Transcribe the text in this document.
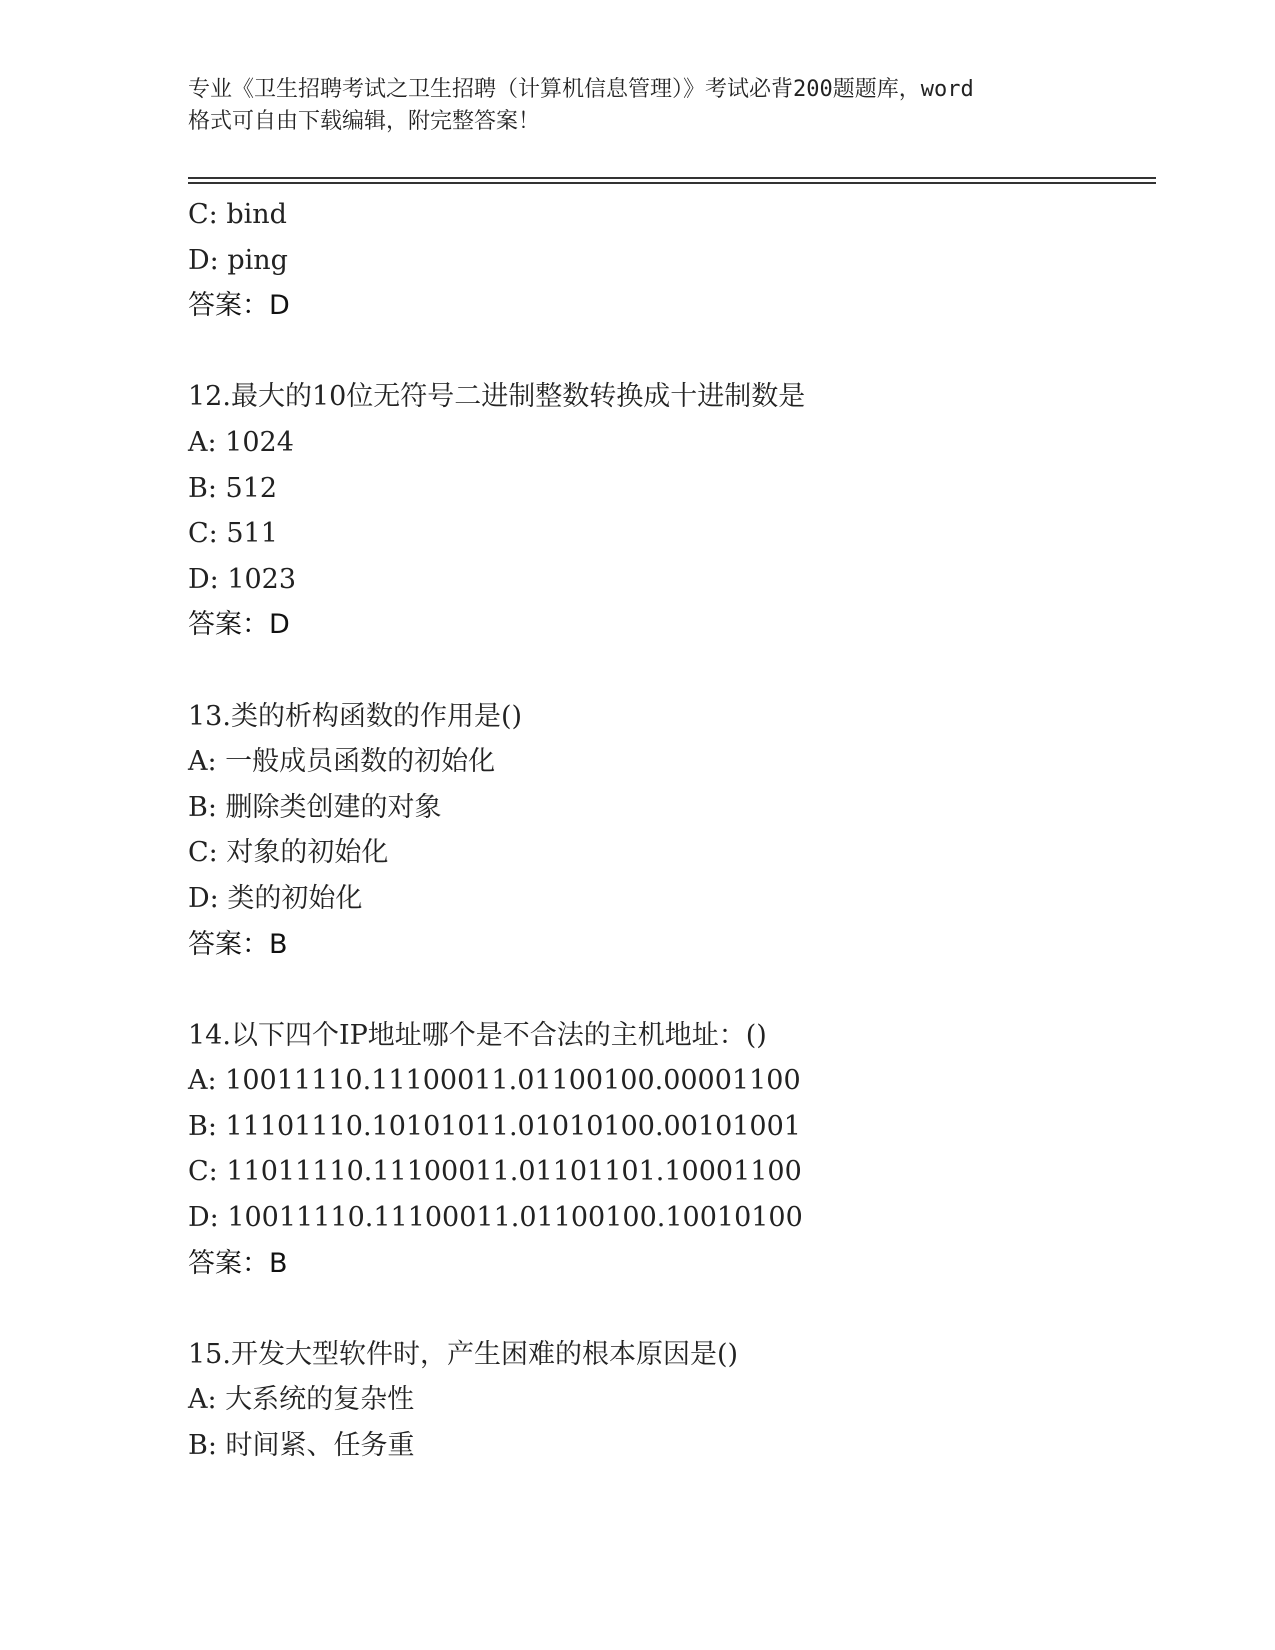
专业《卫生招聘考试之卫生招聘（计算机信息管理）》考试必背200题题库，word
格式可自由下载编辑，附完整答案！
C: bind
D: ping
答案：D
12.最大的10位无符号二进制整数转换成十进制数是
A: 1024
B: 512
C: 511
D: 1023
答案：D
13.类的析构函数的作用是()
A: 一般成员函数的初始化
B: 删除类创建的对象
C: 对象的初始化
D: 类的初始化
答案：B
14.以下四个IP地址哪个是不合法的主机地址：()
A: 10011110.11100011.01100100.00001100
B: 11101110.10101011.01010100.00101001
C: 11011110.11100011.01101101.10001100
D: 10011110.11100011.01100100.10010100
答案：B
15.开发大型软件时，产生困难的根本原因是()
A: 大系统的复杂性
B: 时间紧、任务重
